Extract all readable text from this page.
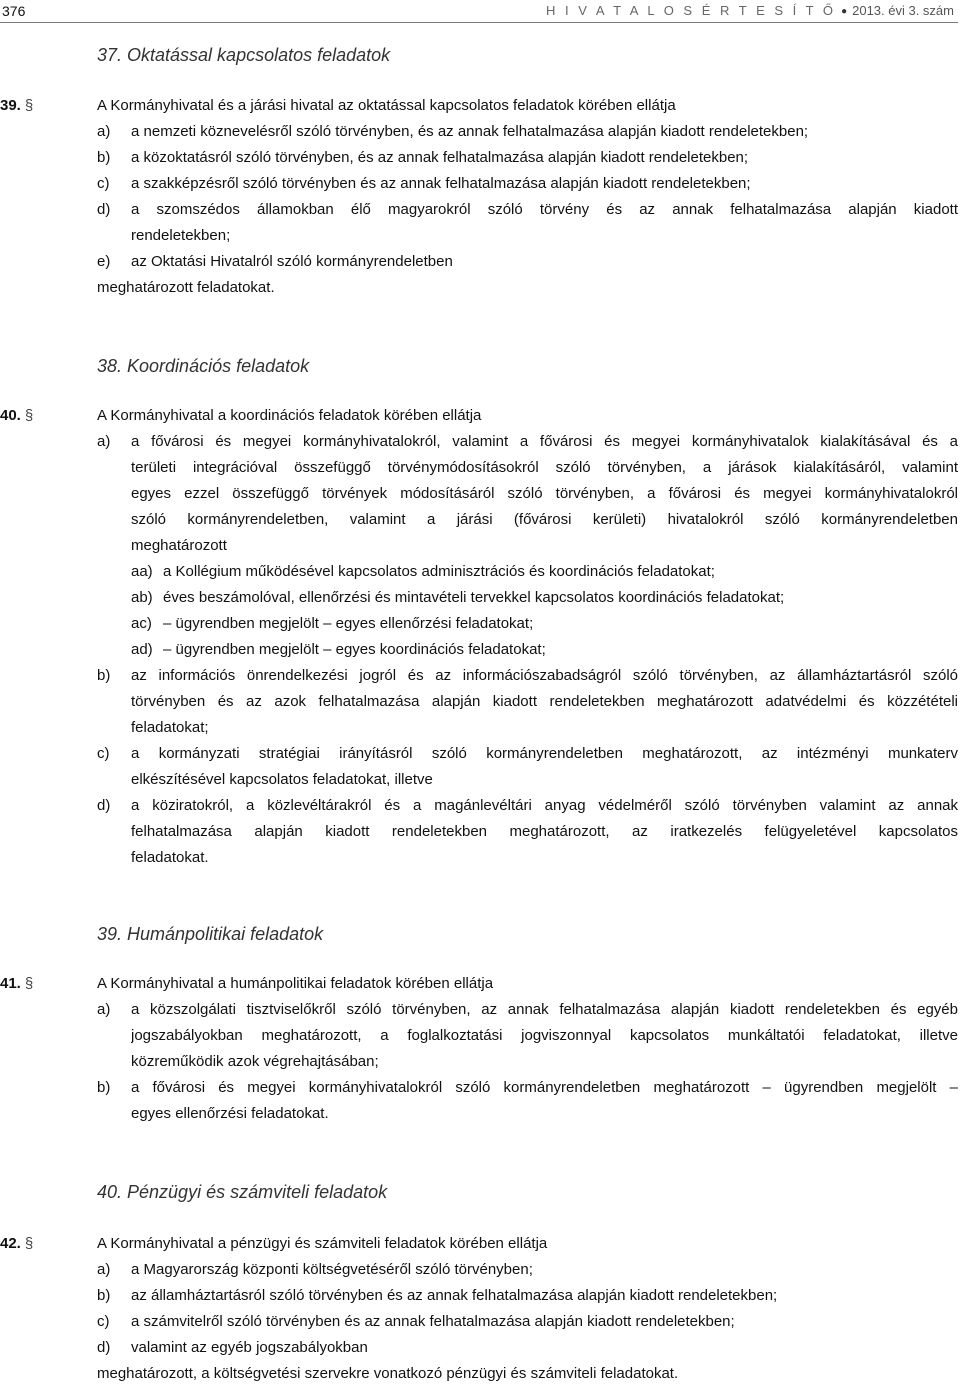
376	H I V A T A L O S É R T E S Í T Ő ● 2013. évi 3. szám
37. Oktatással kapcsolatos feladatok
39. §	A Kormányhivatal és a járási hivatal az oktatással kapcsolatos feladatok körében ellátja
a) a nemzeti köznevelésről szóló törvényben, és az annak felhatalmazása alapján kiadott rendeletekben;
b) a közoktatásról szóló törvényben, és az annak felhatalmazása alapján kiadott rendeletekben;
c) a szakképzésről szóló törvényben és az annak felhatalmazása alapján kiadott rendeletekben;
d) a szomszédos államokban élő magyarokról szóló törvény és az annak felhatalmazása alapján kiadott
rendeletekben;
e) az Oktatási Hivatalról szóló kormányrendeletben
meghatározott feladatokat.
38. Koordinációs feladatok
40. §	A Kormányhivatal a koordinációs feladatok körében ellátja
a) a fővárosi és megyei kormányhivatalokról, valamint a fővárosi és megyei kormányhivatalok kialakításával és a
területi integrációval összefüggő törvénymódosításokról szóló törvényben, a járások kialakításáról, valamint
egyes ezzel összefüggő törvények módosításáról szóló törvényben, a fővárosi és megyei kormányhivatalokról
szóló kormányrendeletben, valamint a járási (fővárosi kerületi) hivatalokról szóló kormányrendeletben
meghatározott
aa) a Kollégium működésével kapcsolatos adminisztrációs és koordinációs feladatokat;
ab) éves beszámolóval, ellenőrzési és mintavételi tervekkel kapcsolatos koordinációs feladatokat;
ac) – ügyrendben megjelölt – egyes ellenőrzési feladatokat;
ad) – ügyrendben megjelölt – egyes koordinációs feladatokat;
b) az információs önrendelkezési jogról és az információszabadságról szóló törvényben, az államháztartásról szóló
törvényben és az azok felhatalmazása alapján kiadott rendeletekben meghatározott adatvédelmi és közzétételi
feladatokat;
c) a kormányzati stratégiai irányításról szóló kormányrendeletben meghatározott, az intézményi munkaterv
elkészítésével kapcsolatos feladatokat, illetve
d) a köziratokról, a közlevéltárakról és a magánlevéltári anyag védelméről szóló törvényben valamint az annak
felhatalmazása alapján kiadott rendeletekben meghatározott, az iratkezelés felügyeletével kapcsolatos
feladatokat.
39. Humánpolitikai feladatok
41. §	A Kormányhivatal a humánpolitikai feladatok körében ellátja
a) a közszolgálati tisztviselőkről szóló törvényben, az annak felhatalmazása alapján kiadott rendeletekben és egyéb
jogszabályokban meghatározott, a foglalkoztatási jogviszonnyal kapcsolatos munkáltatói feladatokat, illetve
közreműködik azok végrehajtásában;
b) a fővárosi és megyei kormányhivatalokról szóló kormányrendeletben meghatározott – ügyrendben megjelölt –
egyes ellenőrzési feladatokat.
40. Pénzügyi és számviteli feladatok
42. §	A Kormányhivatal a pénzügyi és számviteli feladatok körében ellátja
a) a Magyarország központi költségvetéséről szóló törvényben;
b) az államháztartásról szóló törvényben és az annak felhatalmazása alapján kiadott rendeletekben;
c) a számvitelről szóló törvényben és az annak felhatalmazása alapján kiadott rendeletekben;
d) valamint az egyéb jogszabályokban
meghatározott, a költségvetési szervekre vonatkozó pénzügyi és számviteli feladatokat.
